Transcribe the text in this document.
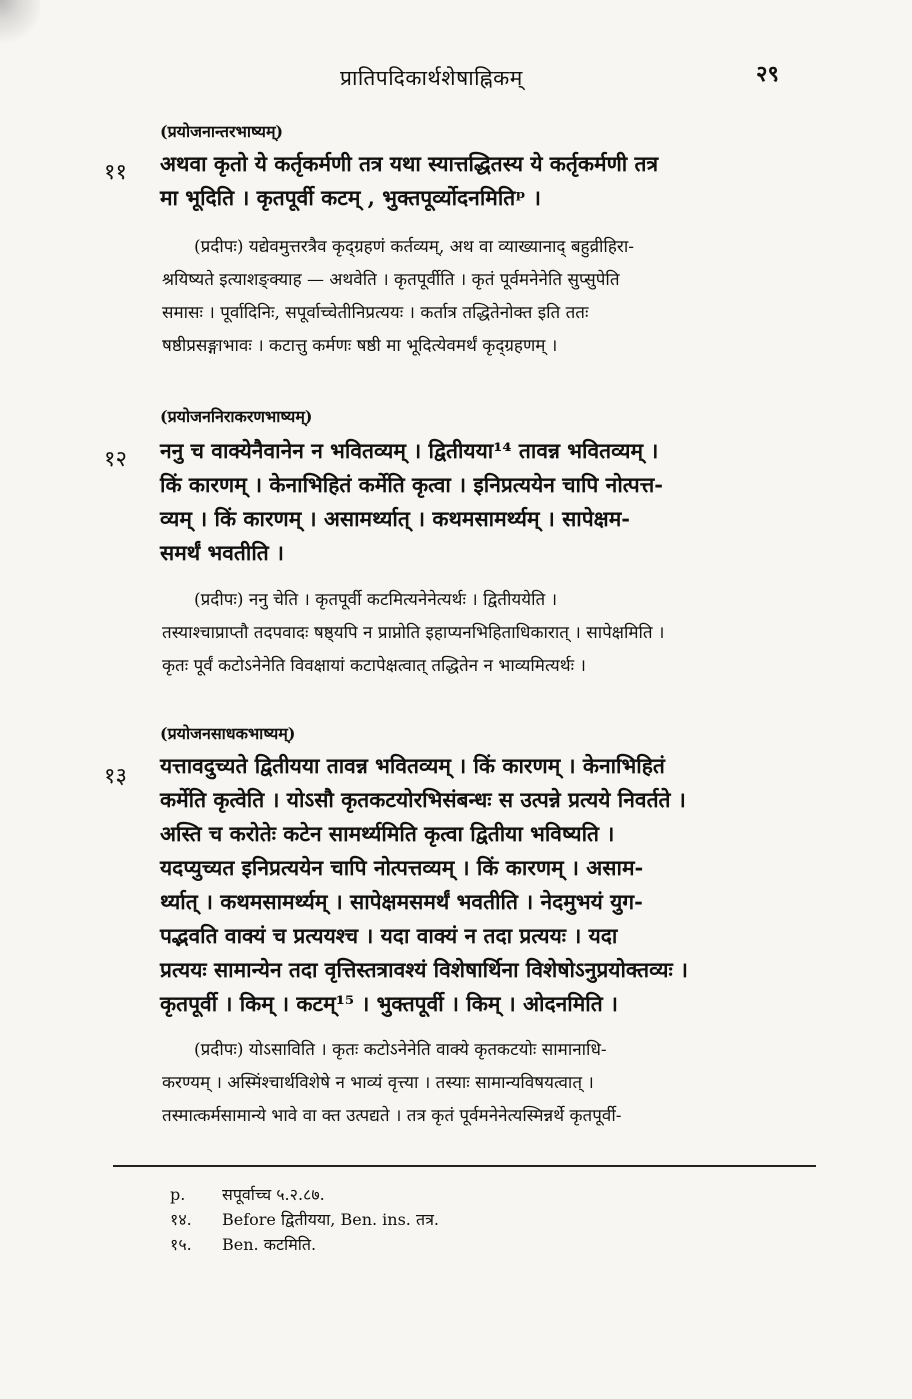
प्रातिपदिकार्थशेषाह्निकम्	२९
(प्रयोजनान्तरभाष्यम्)
११ अथवा कृतो ये कर्तृकर्मणी तत्र यथा स्यात्तद्धितस्य ये कर्तृकर्मणी तत्र
मा भूदिति । कृतपूर्वी कटम् , भुक्तपूर्व्योदनमितिᵖ ।
(प्रदीपः) यद्येवमुत्तरत्रैव कृद्ग्रहणं कर्तव्यम्, अथ वा व्याख्यानाद् बहुव्रीहिरा-
श्रयिष्यते इत्याशङ्क्याह — अथवेति । कृतपूर्वीति । कृतं पूर्वमनेनेति सुप्सुपेति
समासः । पूर्वादिनिः, सपूर्वाच्चेतीनिप्रत्ययः । कर्तात्र तद्धितेनोक्त इति ततः
षष्ठीप्रसङ्गाभावः । कटात्तु कर्मणः षष्ठी मा भूदित्येवमर्थं कृद्ग्रहणम् ।
(प्रयोजननिराकरणभाष्यम्)
१२ ननु च वाक्येनैवानेन न भवितव्यम् । द्वितीयया¹⁴ तावन्न भवितव्यम् ।
किं कारणम् । केनाभिहितं कर्मेति कृत्वा । इनिप्रत्ययेन चापि नोत्पत्त-
व्यम् । किं कारणम् । असामर्थ्यात् । कथमसामर्थ्यम् । सापेक्षम-
समर्थं भवतीति ।
(प्रदीपः) ननु चेति । कृतपूर्वी कटमित्यनेनेत्यर्थः । द्वितीययेति ।
तस्याश्चाप्राप्तौ तदपवादः षष्ठ्यपि न प्राप्नोति इहाप्यनभिहिताधिकारात् । सापेक्षमिति ।
कृतः पूर्वं कटोऽनेनेति विवक्षायां कटापेक्षत्वात् तद्धितेन न भाव्यमित्यर्थः ।
(प्रयोजनसाधकभाष्यम्)
१३ यत्तावदुच्यते द्वितीयया तावन्न भवितव्यम् । किं कारणम् । केनाभिहितं
कर्मेति कृत्वेति । योऽसौ कृतकटयोरभिसंबन्धः स उत्पन्ने प्रत्यये निवर्तते ।
अस्ति च करोतेः कटेन सामर्थ्यमिति कृत्वा द्वितीया भविष्यति ।
यदप्युच्यत इनिप्रत्ययेन चापि नोत्पत्तव्यम् । किं कारणम् । असाम-
र्थ्यात् । कथमसामर्थ्यम् । सापेक्षमसमर्थं भवतीति । नेदमुभयं युग-
पद्भवति वाक्यं च प्रत्ययश्च । यदा वाक्यं न तदा प्रत्ययः । यदा
प्रत्ययः सामान्येन तदा वृत्तिस्तत्रावश्यं विशेषार्थिना विशेषोऽनुप्रयोक्तव्यः ।
कृतपूर्वी । किम् । कटम्¹⁵ । भुक्तपूर्वी । किम् । ओदनमिति ।
(प्रदीपः) योऽसाविति । कृतः कटोऽनेनेति वाक्ये कृतकटयोः सामानाधि-
करण्यम् । अस्मिंश्चार्थविशेषे न भाव्यं वृत्त्या । तस्याः सामान्यविषयत्वात् ।
तस्मात्कर्मसामान्ये भावे वा क्त उत्पद्यते । तत्र कृतं पूर्वमनेनेत्यस्मिन्नर्थे कृतपूर्वी-
p. सपूर्वाच्च ५.२.८७.
१४. Before द्वितीयया, Ben. ins. तत्र.
१५. Ben. कटमिति.
